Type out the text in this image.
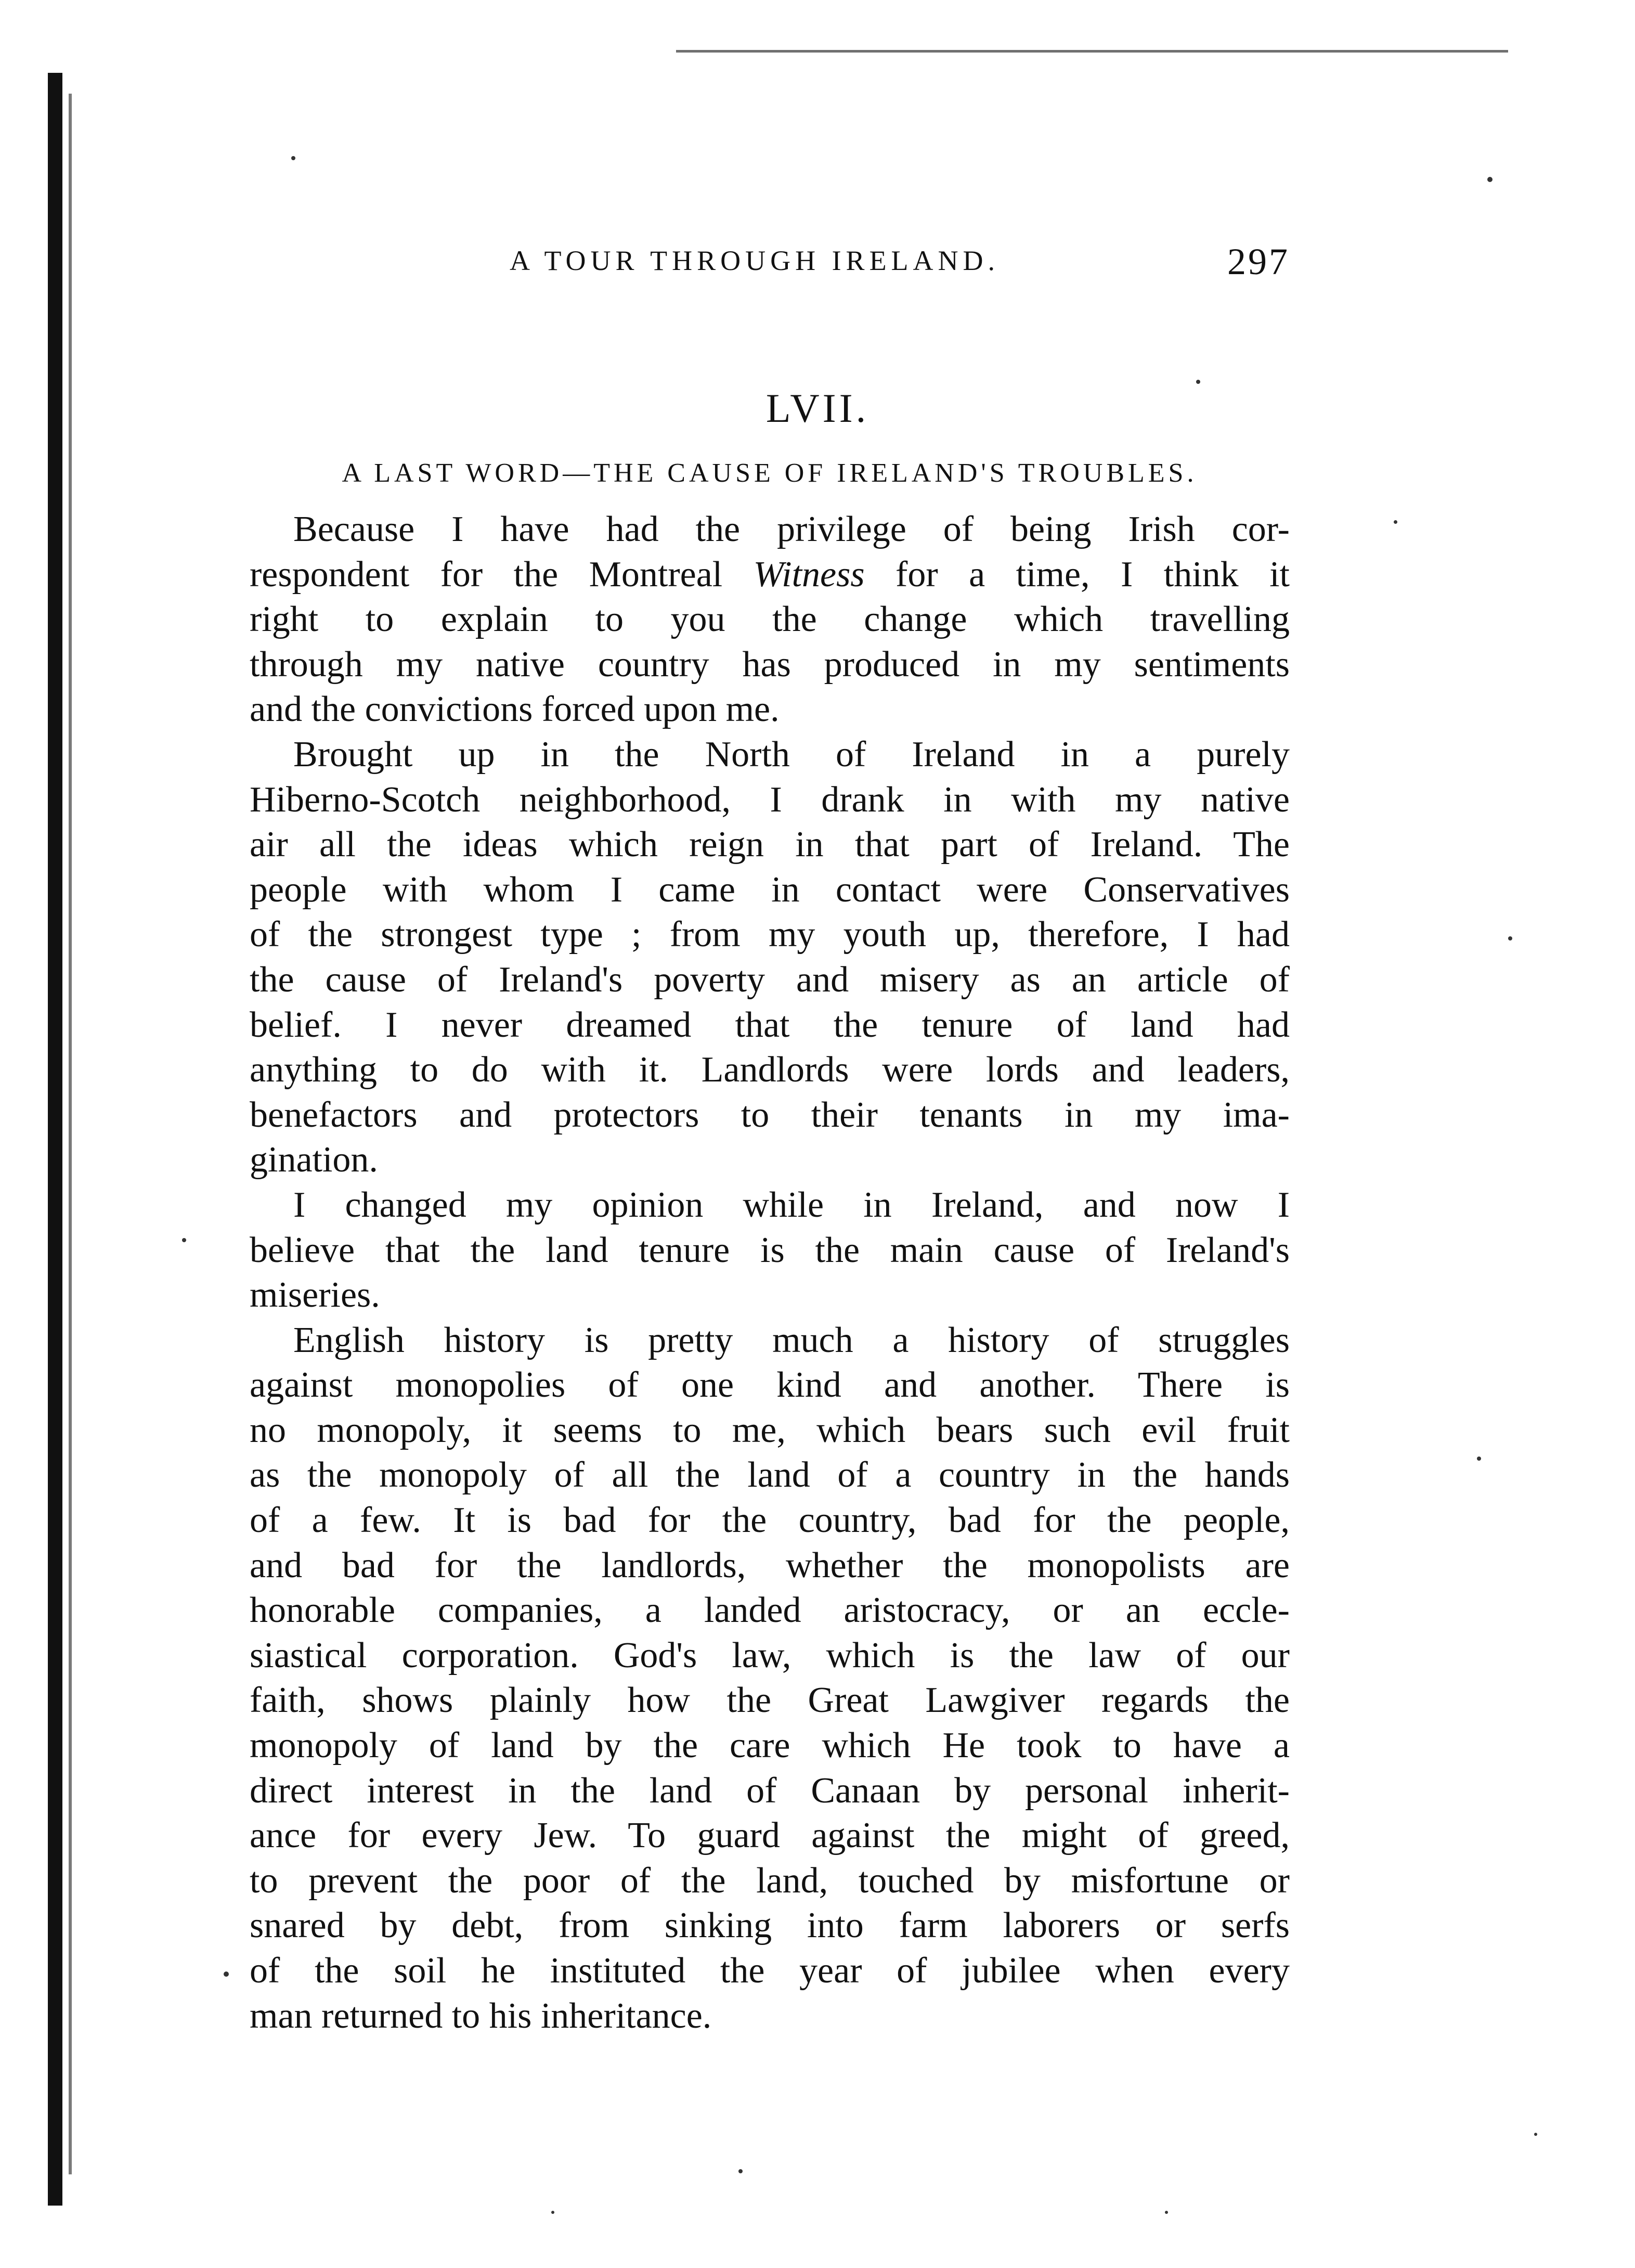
A TOUR THROUGH IRELAND.	297
LVII.
A LAST WORD—THE CAUSE OF IRELAND'S TROUBLES.
Because I have had the privilege of being Irish cor-
respondent for the Montreal Witness for a time, I think it
right to explain to you the change which travelling
through my native country has produced in my sentiments
and the convictions forced upon me.
Brought up in the North of Ireland in a purely
Hiberno-Scotch neighborhood, I drank in with my native
air all the ideas which reign in that part of Ireland. The
people with whom I came in contact were Conservatives
of the strongest type ; from my youth up, therefore, I had
the cause of Ireland's poverty and misery as an article of
belief. I never dreamed that the tenure of land had
anything to do with it. Landlords were lords and leaders,
benefactors and protectors to their tenants in my ima-
gination.
I changed my opinion while in Ireland, and now I
believe that the land tenure is the main cause of Ireland's
miseries.
English history is pretty much a history of struggles
against monopolies of one kind and another. There is
no monopoly, it seems to me, which bears such evil fruit
as the monopoly of all the land of a country in the hands
of a few. It is bad for the country, bad for the people,
and bad for the landlords, whether the monopolists are
honorable companies, a landed aristocracy, or an eccle-
siastical corporation. God's law, which is the law of our
faith, shows plainly how the Great Lawgiver regards the
monopoly of land by the care which He took to have a
direct interest in the land of Canaan by personal inherit-
ance for every Jew. To guard against the might of greed,
to prevent the poor of the land, touched by misfortune or
snared by debt, from sinking into farm laborers or serfs
of the soil he instituted the year of jubilee when every
man returned to his inheritance.
